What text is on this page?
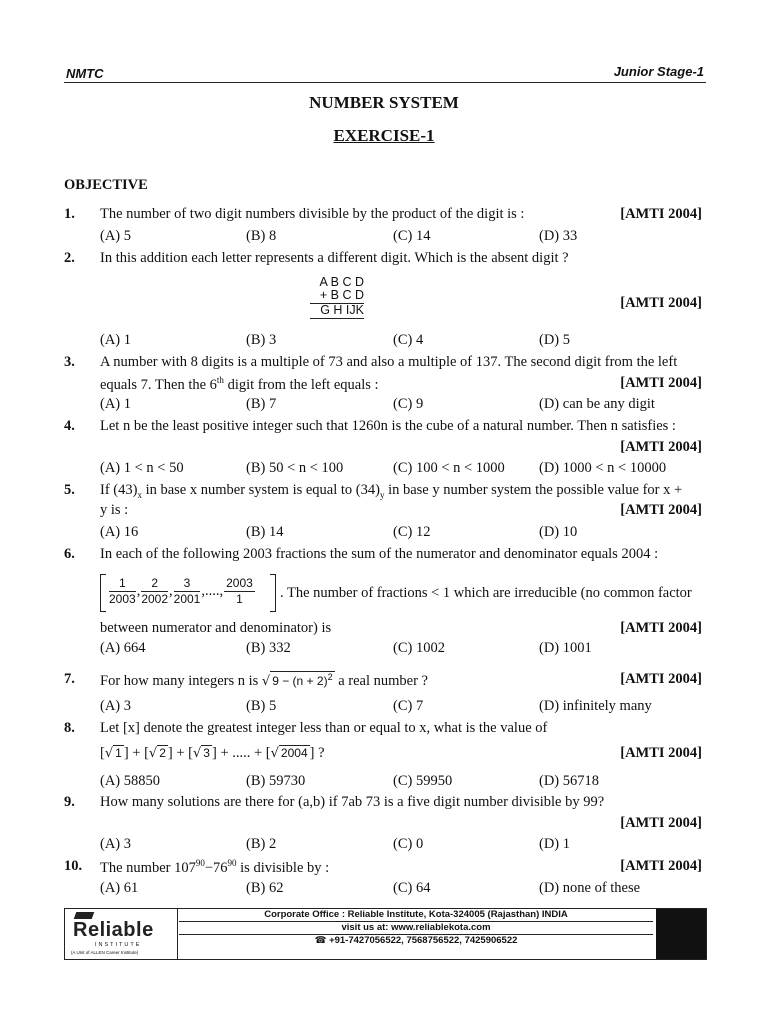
NMTC	Junior Stage-1
NUMBER SYSTEM
EXERCISE-1
OBJECTIVE
1. The number of two digit numbers divisible by the product of the digit is :	[AMTI 2004]
(A) 5	(B) 8	(C) 14	(D) 33
2. In this addition each letter represents a different digit. Which is the absent digit ?
A B C D
+ B C D
G H IJK	[AMTI 2004]
(A) 1	(B) 3	(C) 4	(D) 5
3. A number with 8 digits is a multiple of 73 and also a multiple of 137. The second digit from the left
equals 7. Then the 6th digit from the left equals :	[AMTI 2004]
(A) 1	(B) 7	(C) 9	(D) can be any digit
4. Let n be the least positive integer such that 1260n is the cube of a natural number. Then n satisfies :
[AMTI 2004]
(A) 1 < n < 50	(B) 50 < n < 100	(C) 100 < n < 1000 (D) 1000 < n < 10000
5. If $(43)_x$ in base x number system is equal to $(34)_y$ in base y number system the possible value for x +
y is :	[AMTI 2004]
(A) 16	(B) 14	(C) 12	(D) 10
6. In each of the following 2003 fractions the sum of the numerator and denominator equals 2004 :
$\frac{1}{2003}$ , $\frac{2}{2002}$ , $\frac{3}{2001}$ ,...., $\frac{2003}{1}$ . The number of fractions < 1 which are irreducible (no common factor
between numerator and denominator) is	[AMTI 2004]
(A) 664	(B) 332	(C) 1002	(D) 1001
7. For how many integers n is √ $9 - (n + 2)^2$ a real number ?	[AMTI 2004]
(A) 3	(B) 5	(C) 7	(D) infinitely many
8. Let [x] denote the greatest integer less than or equal to x, what is the value of
[√ 1 ] + [√ 2 ] + [√ 3 ] + ..... + [√ 2004 ] ?	[AMTI 2004]
(A) 58850	(B) 59730	(C) 59950	(D) 56718
9. How many solutions are there for (a,b) if 7ab 73 is a five digit number divisible by 99?
[AMTI 2004]
(A) 3	(B) 2	(C) 0	(D) 1
10. The number $107^{90}-76^{90}$ is divisible by :	[AMTI 2004]
(A) 61	(B) 62	(C) 64	(D) none of these
Reliable
INSTITUTE
(A Unit of ALLEN Career Institute)
Corporate Office : Reliable Institute, Kota-324005 (Rajasthan) INDIA
visit us at: www.reliablekota.com
☎ +91-7427056522, 7568756522, 7425906522
